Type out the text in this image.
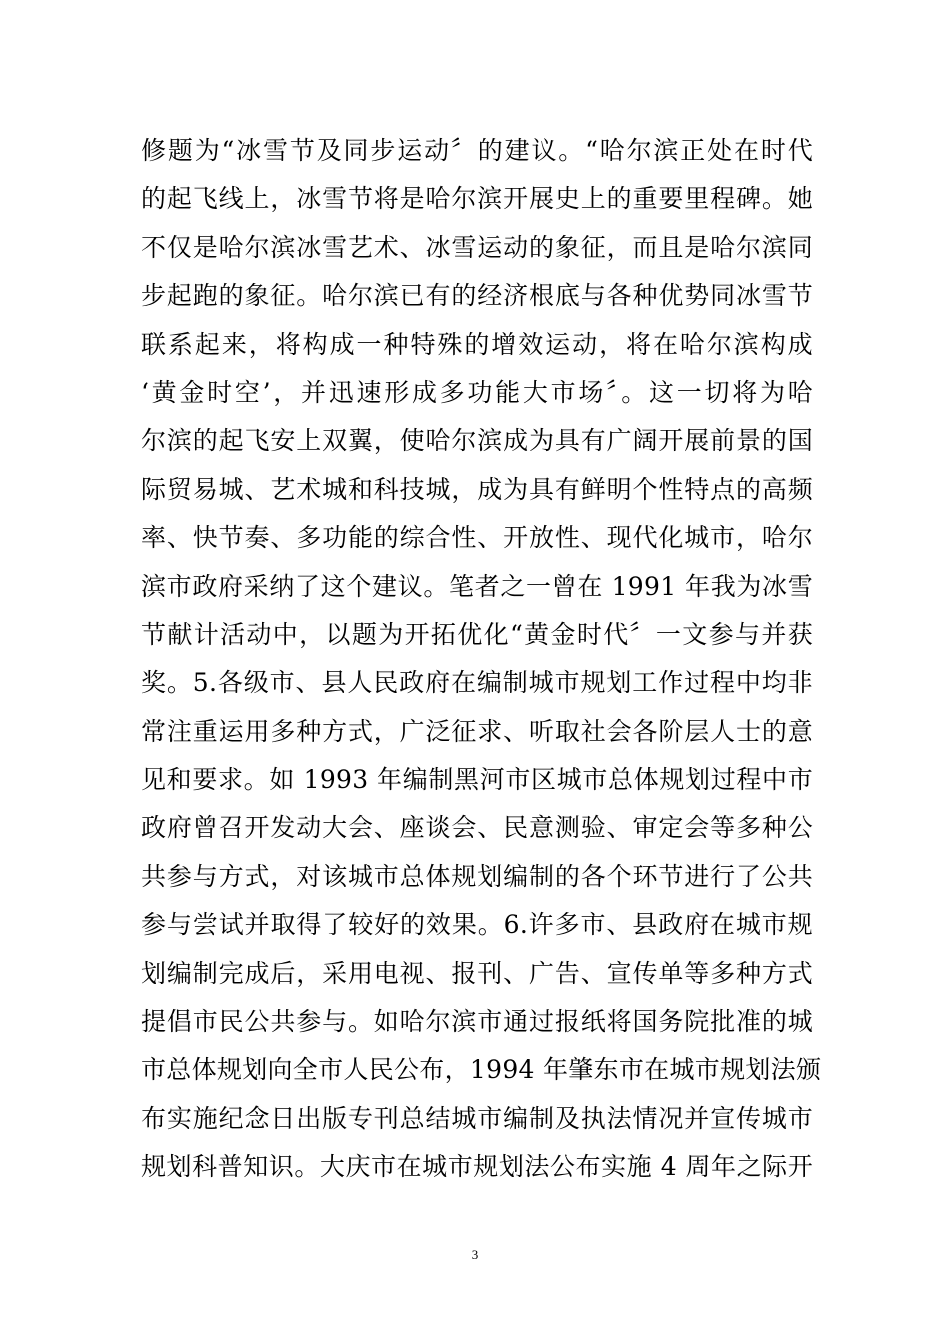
修题为“冰雪节及同步运动〞的建议。“哈尔滨正处在时代
的起飞线上，冰雪节将是哈尔滨开展史上的重要里程碑。她
不仅是哈尔滨冰雪艺术、冰雪运动的象征，而且是哈尔滨同
步起跑的象征。哈尔滨已有的经济根底与各种优势同冰雪节
联系起来，将构成一种特殊的增效运动，将在哈尔滨构成
‘黄金时空’，并迅速形成多功能大市场〞。这一切将为哈
尔滨的起飞安上双翼，使哈尔滨成为具有广阔开展前景的国
际贸易城、艺术城和科技城，成为具有鲜明个性特点的高频
率、快节奏、多功能的综合性、开放性、现代化城市，哈尔
滨市政府采纳了这个建议。笔者之一曾在 1991 年我为冰雪
节献计活动中，以题为开拓优化“黄金时代〞一文参与并获
奖。5.各级市、县人民政府在编制城市规划工作过程中均非
常注重运用多种方式，广泛征求、听取社会各阶层人士的意
见和要求。如 1993 年编制黑河市区城市总体规划过程中市
政府曾召开发动大会、座谈会、民意测验、审定会等多种公
共参与方式，对该城市总体规划编制的各个环节进行了公共
参与尝试并取得了较好的效果。6.许多市、县政府在城市规
划编制完成后，采用电视、报刊、广告、宣传单等多种方式
提倡市民公共参与。如哈尔滨市通过报纸将国务院批准的城
市总体规划向全市人民公布，1994 年肇东市在城市规划法颁
布实施纪念日出版专刊总结城市编制及执法情况并宣传城市
规划科普知识。大庆市在城市规划法公布实施 4 周年之际开
3
